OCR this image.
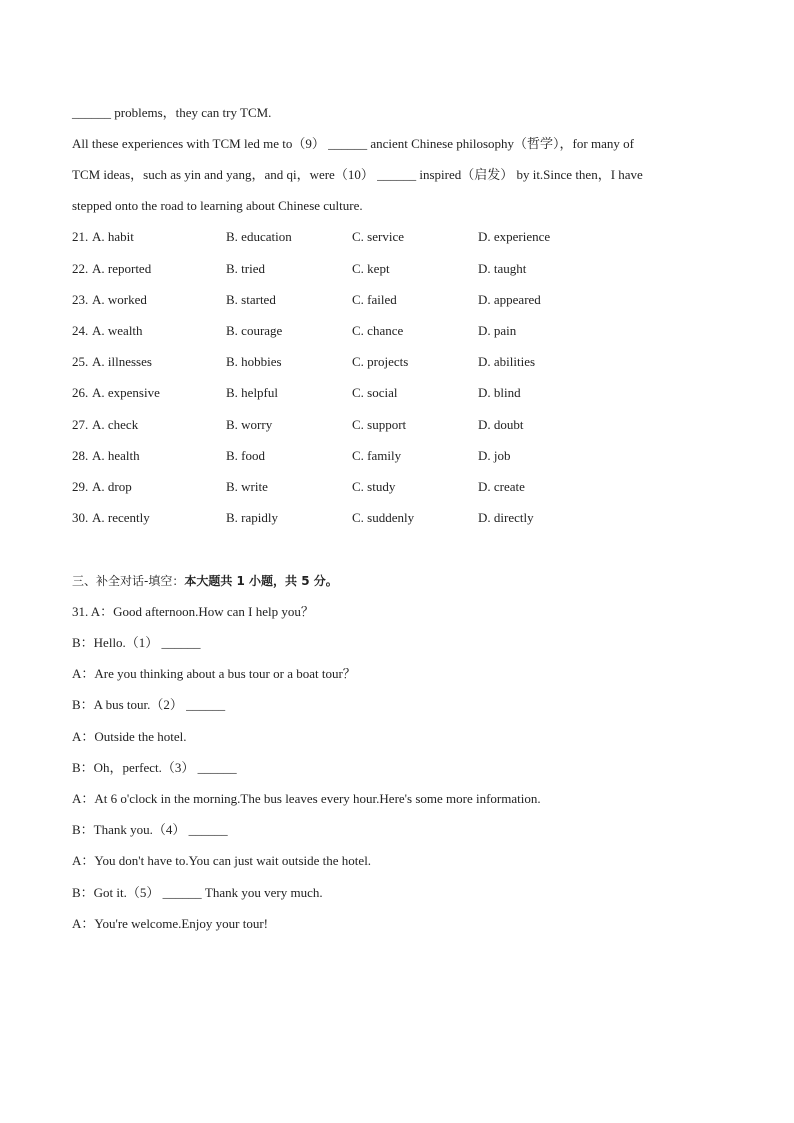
______ problems，they can try TCM.
All these experiences with TCM led me to（9） ______ ancient Chinese philosophy（哲学），for many of
TCM ideas，such as yin and yang，and qi，were（10） ______ inspired（启发） by it.Since then，I have
stepped onto the road to learning about Chinese culture.
21. A. habit	B. education	C. service	D. experience
22. A. reported	B. tried	C. kept	D. taught
23. A. worked	B. started	C. failed	D. appeared
24. A. wealth	B. courage	C. chance	D. pain
25. A. illnesses	B. hobbies	C. projects	D. abilities
26. A. expensive	B. helpful	C. social	D. blind
27. A. check	B. worry	C. support	D. doubt
28. A. health	B. food	C. family	D. job
29. A. drop	B. write	C. study	D. create
30. A. recently	B. rapidly	C. suddenly	D. directly
三、补全对话-填空：本大题共 1 小题，共 5 分。
31. A：Good afternoon.How can I help you？
B：Hello.（1） ______
A：Are you thinking about a bus tour or a boat tour？
B：A bus tour.（2） ______
A：Outside the hotel.
B：Oh，perfect.（3） ______
A：At 6 o'clock in the morning.The bus leaves every hour.Here's some more information.
B：Thank you.（4） ______
A：You don't have to.You can just wait outside the hotel.
B：Got it.（5） ______ Thank you very much.
A：You're welcome.Enjoy your tour!
